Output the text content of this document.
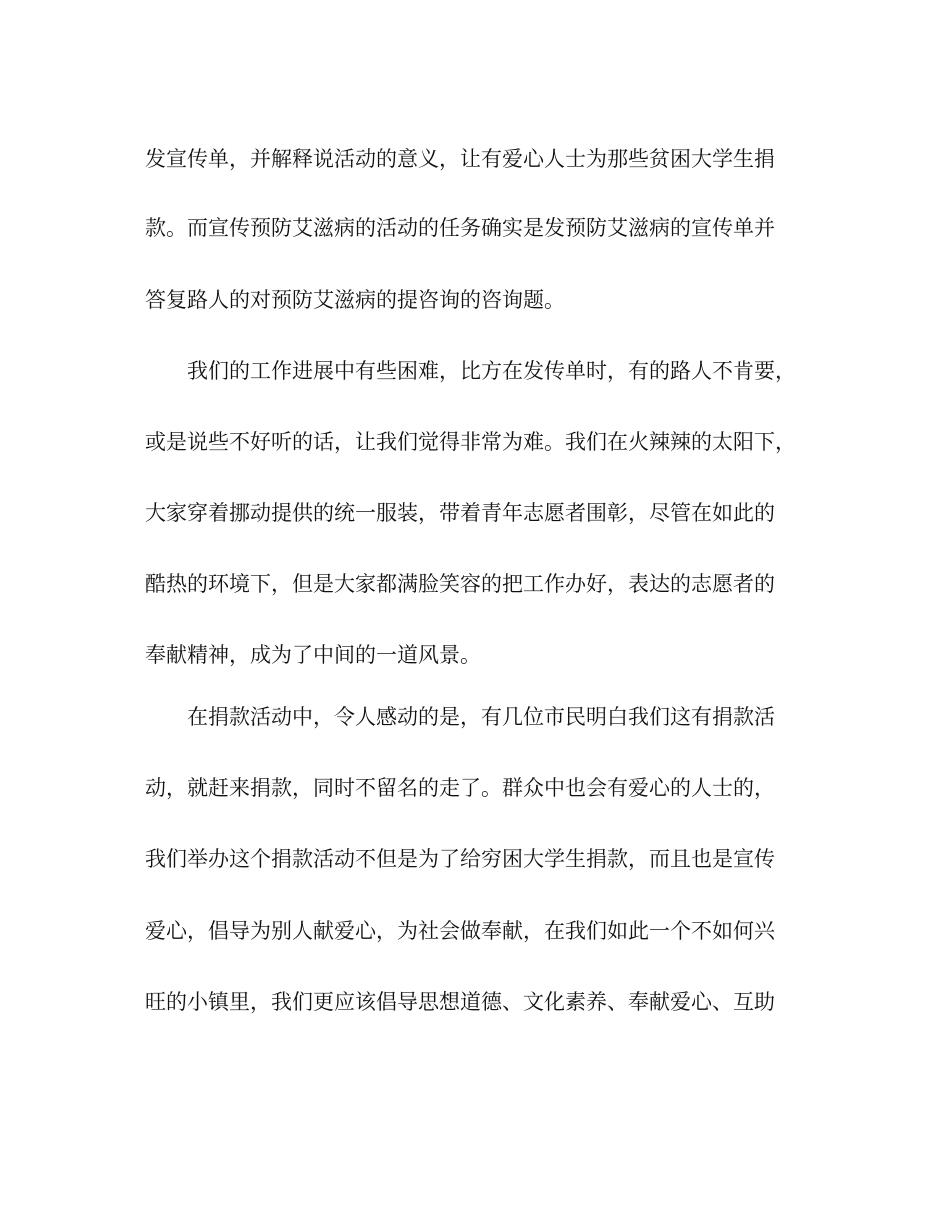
发宣传单，并解释说活动的意义，让有爱心人士为那些贫困大学生捐
款。而宣传预防艾滋病的活动的任务确实是发预防艾滋病的宣传单并
答复路人的对预防艾滋病的提咨询的咨询题。
我们的工作进展中有些困难，比方在发传单时，有的路人不肯要，
或是说些不好听的话，让我们觉得非常为难。我们在火辣辣的太阳下，
大家穿着挪动提供的统一服装，带着青年志愿者围彰，尽管在如此的
酷热的环境下，但是大家都满脸笑容的把工作办好，表达的志愿者的
奉献精神，成为了中间的一道风景。
在捐款活动中，令人感动的是，有几位市民明白我们这有捐款活
动，就赶来捐款，同时不留名的走了。群众中也会有爱心的人士的，
我们举办这个捐款活动不但是为了给穷困大学生捐款，而且也是宣传
爱心，倡导为别人献爱心，为社会做奉献，在我们如此一个不如何兴
旺的小镇里，我们更应该倡导思想道德、文化素养、奉献爱心、互助
